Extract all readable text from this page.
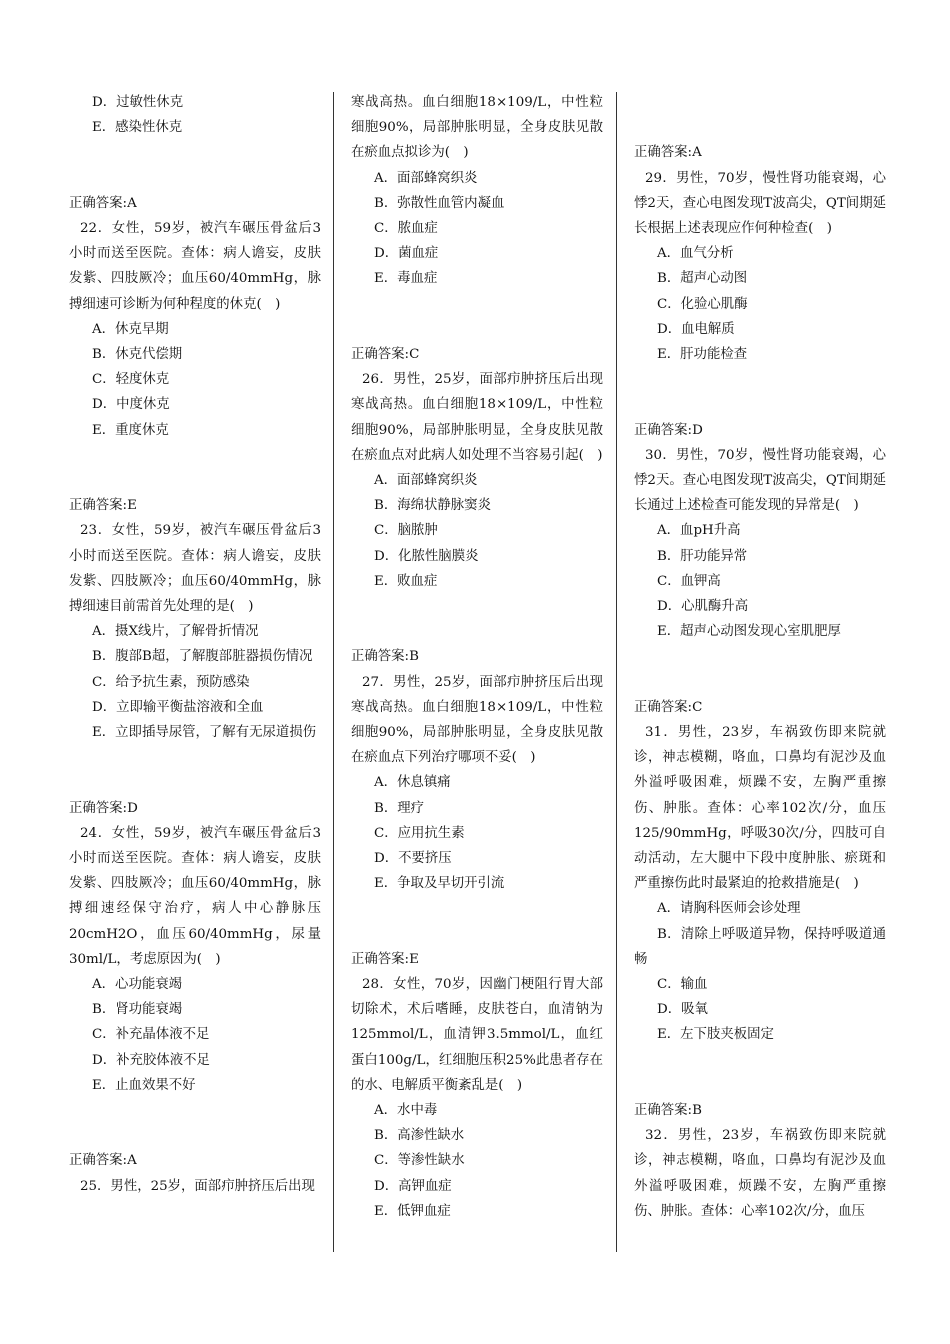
D．过敏性休克

E．感染性休克

正确答案:A

22．女性，59岁，被汽车碾压骨盆后3小时而送至医院。查体：病人谵妄，皮肤发紫、四肢厥冷；血压60/40mmHg，脉搏细速可诊断为何种程度的休克(　)

A．休克早期

B．休克代偿期

C．轻度休克

D．中度休克

E．重度休克

正确答案:E

23．女性，59岁，被汽车碾压骨盆后3小时而送至医院。查体：病人谵妄，皮肤发紫、四肢厥冷；血压60/40mmHg，脉搏细速目前需首先处理的是(　)

A．摄X线片，了解骨折情况

B．腹部B超，了解腹部脏器损伤情况

C．给予抗生素，预防感染

D．立即输平衡盐溶液和全血

E．立即插导尿管，了解有无尿道损伤

正确答案:D

24．女性，59岁，被汽车碾压骨盆后3小时而送至医院。查体：病人谵妄，皮肤发紫、四肢厥冷；血压60/40mmHg，脉搏细速经保守治疗，病人中心静脉压20cmH2O，血压60/40mmHg，尿量30ml/L，考虑原因为(　)

A．心功能衰竭

B．肾功能衰竭

C．补充晶体液不足

D．补充胶体液不足

E．止血效果不好

正确答案:A

25．男性，25岁，面部疖肿挤压后出现

寒战高热。血白细胞18×109/L，中性粒细胞90%，局部肿胀明显，全身皮肤见散在瘀血点拟诊为(　)

A．面部蜂窝织炎

B．弥散性血管内凝血

C．脓血症

D．菌血症

E．毒血症

正确答案:C

26．男性，25岁，面部疖肿挤压后出现寒战高热。血白细胞18×109/L，中性粒细胞90%，局部肿胀明显，全身皮肤见散在瘀血点对此病人如处理不当容易引起(　)

A．面部蜂窝织炎

B．海绵状静脉窦炎

C．脑脓肿

D．化脓性脑膜炎

E．败血症

正确答案:B

27．男性，25岁，面部疖肿挤压后出现寒战高热。血白细胞18×109/L，中性粒细胞90%，局部肿胀明显，全身皮肤见散在瘀血点下列治疗哪项不妥(　)

A．休息镇痛

B．理疗

C．应用抗生素

D．不要挤压

E．争取及早切开引流

正确答案:E

28．女性，70岁，因幽门梗阻行胃大部切除术，术后嗜睡，皮肤苍白，血清钠为125mmol/L，血清钾3.5mmol/L，血红蛋白100g/L，红细胞压积25%此患者存在的水、电解质平衡紊乱是(　)

A．水中毒

B．高渗性缺水

C．等渗性缺水

D．高钾血症

E．低钾血症

正确答案:A

29．男性，70岁，慢性肾功能衰竭，心悸2天，查心电图发现T波高尖，QT间期延长根据上述表现应作何种检查(　)

A．血气分析

B．超声心动图

C．化验心肌酶

D．血电解质

E．肝功能检查

正确答案:D

30．男性，70岁，慢性肾功能衰竭，心悸2天。查心电图发现T波高尖，QT间期延长通过上述检查可能发现的异常是(　)

A．血pH升高

B．肝功能异常

C．血钾高

D．心肌酶升高

E．超声心动图发现心室肌肥厚

正确答案:C

31．男性，23岁，车祸致伤即来院就诊，神志模糊，咯血，口鼻均有泥沙及血外溢呼吸困难，烦躁不安，左胸严重擦伤、肿胀。查体：心率102次/分，血压125/90mmHg，呼吸30次/分，四肢可自动活动，左大腿中下段中度肿胀、瘀斑和严重擦伤此时最紧迫的抢救措施是(　)

A．请胸科医师会诊处理

B．清除上呼吸道异物，保持呼吸道通畅

C．输血

D．吸氧

E．左下肢夹板固定

正确答案:B

32．男性，23岁，车祸致伤即来院就诊，神志模糊，咯血，口鼻均有泥沙及血外溢呼吸困难，烦躁不安，左胸严重擦伤、肿胀。查体：心率102次/分，血压
